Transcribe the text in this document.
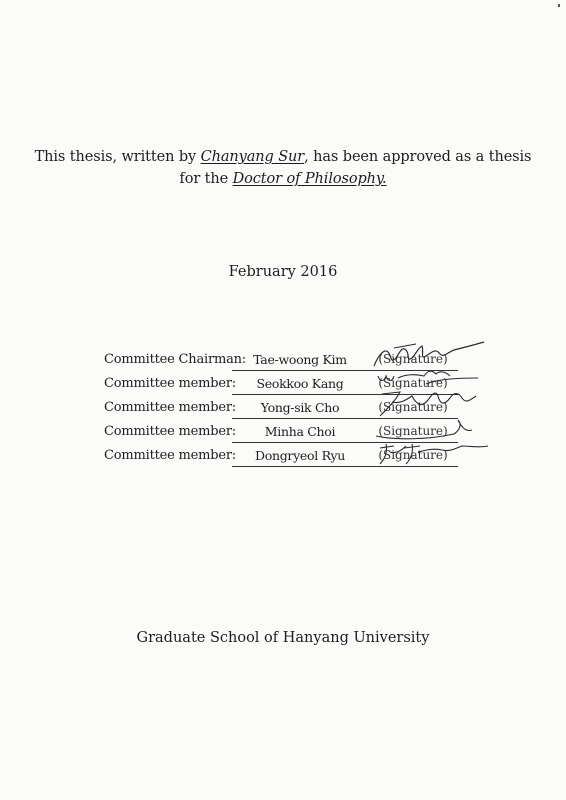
This thesis, written by Chanyang Sur, has been approved as a thesis
for the Doctor of Philosophy.
February 2016
Committee Chairman: Tae-woong Kim	(Signature)
Committee member:	Seokkoo Kang	(Signature)
Committee member:	Yong-sik Cho	(Signature)
Committee member:	Minha Choi	(Signature)
Committee member:	Dongryeol Ryu	(Signature)
Graduate School of Hanyang University
